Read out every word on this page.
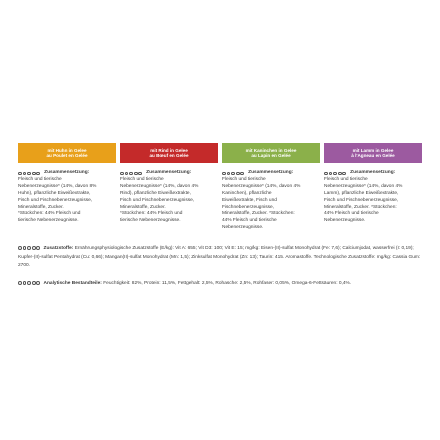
mit Huhn in Gelee
au Poulet en Gelée
Zusammensetzung:
Fleisch und tierische
Nebenerzeugnisse* (14%, davon 8%
Huhn), pflanzliche Eiweißextrakte,
Fisch und Fischnebenerzeugnisse,
Mineralstoffe, Zucker.
*Stückchen: 44% Fleisch und
tierische Nebenerzeugnisse.
mit Rind in Gelee
au Bœuf en Gelée
Zusammensetzung:
Fleisch und tierische
Nebenerzeugnisse* (14%, davon 4%
Rind), pflanzliche Eiweißextrakte,
Fisch und Fischnebenerzeugnisse,
Mineralstoffe, Zucker.
*Stückchen: 44% Fleisch und
tierische Nebenerzeugnisse.
mit Kaninchen in Gelee
au Lapin en Gelée
Zusammensetzung:
Fleisch und tierische
Nebenerzeugnisse* (14%, davon 4%
Kaninchen), pflanzliche
Eiweißextrakte, Fisch und
Fischnebenerzeugnisse,
Mineralstoffe, Zucker. *Stückchen:
44% Fleisch und tierische
Nebenerzeugnisse.
mit Lamm in Gelee
à l'Agneau en Gelée
Zusammensetzung:
Fleisch und tierische
Nebenerzeugnisse* (14%, davon 4%
Lamm), pflanzliche Eiweißextrakte,
Fisch und Fischnebenerzeugnisse,
Mineralstoffe, Zucker. *Stückchen:
44% Fleisch und tierische
Nebenerzeugnisse.
Zusatzstoffe: Ernährungsphysiologische Zusatzstoffe (E/kg): Vit A: 655; Vit D3: 100; Vit E: 15; mg/kg: Eisen-(II)-sulfat Monohydrat (Fe: 7,6); Calciumjodat, wasserfrei (I: 0,19); Kupfer-(II)-sulfat Pentahydrat (Cu: 0,66); Mangan(II)-sulfat Monohydrat (Mn: 1,5); Zinksulfat Monohydrat (Zn: 13); Taurin: 415. Aromastoffe. Technologische Zusatzstoffe: mg/kg: Cassia Gum: 2700.
Analytische Bestandteile: Feuchtigkeit: 82%, Protein: 11,5%, Fettgehalt: 2,5%, Rohasche: 2,5%, Rohfaser: 0,05%, Omega-6-Fettsäuren: 0,4%.
